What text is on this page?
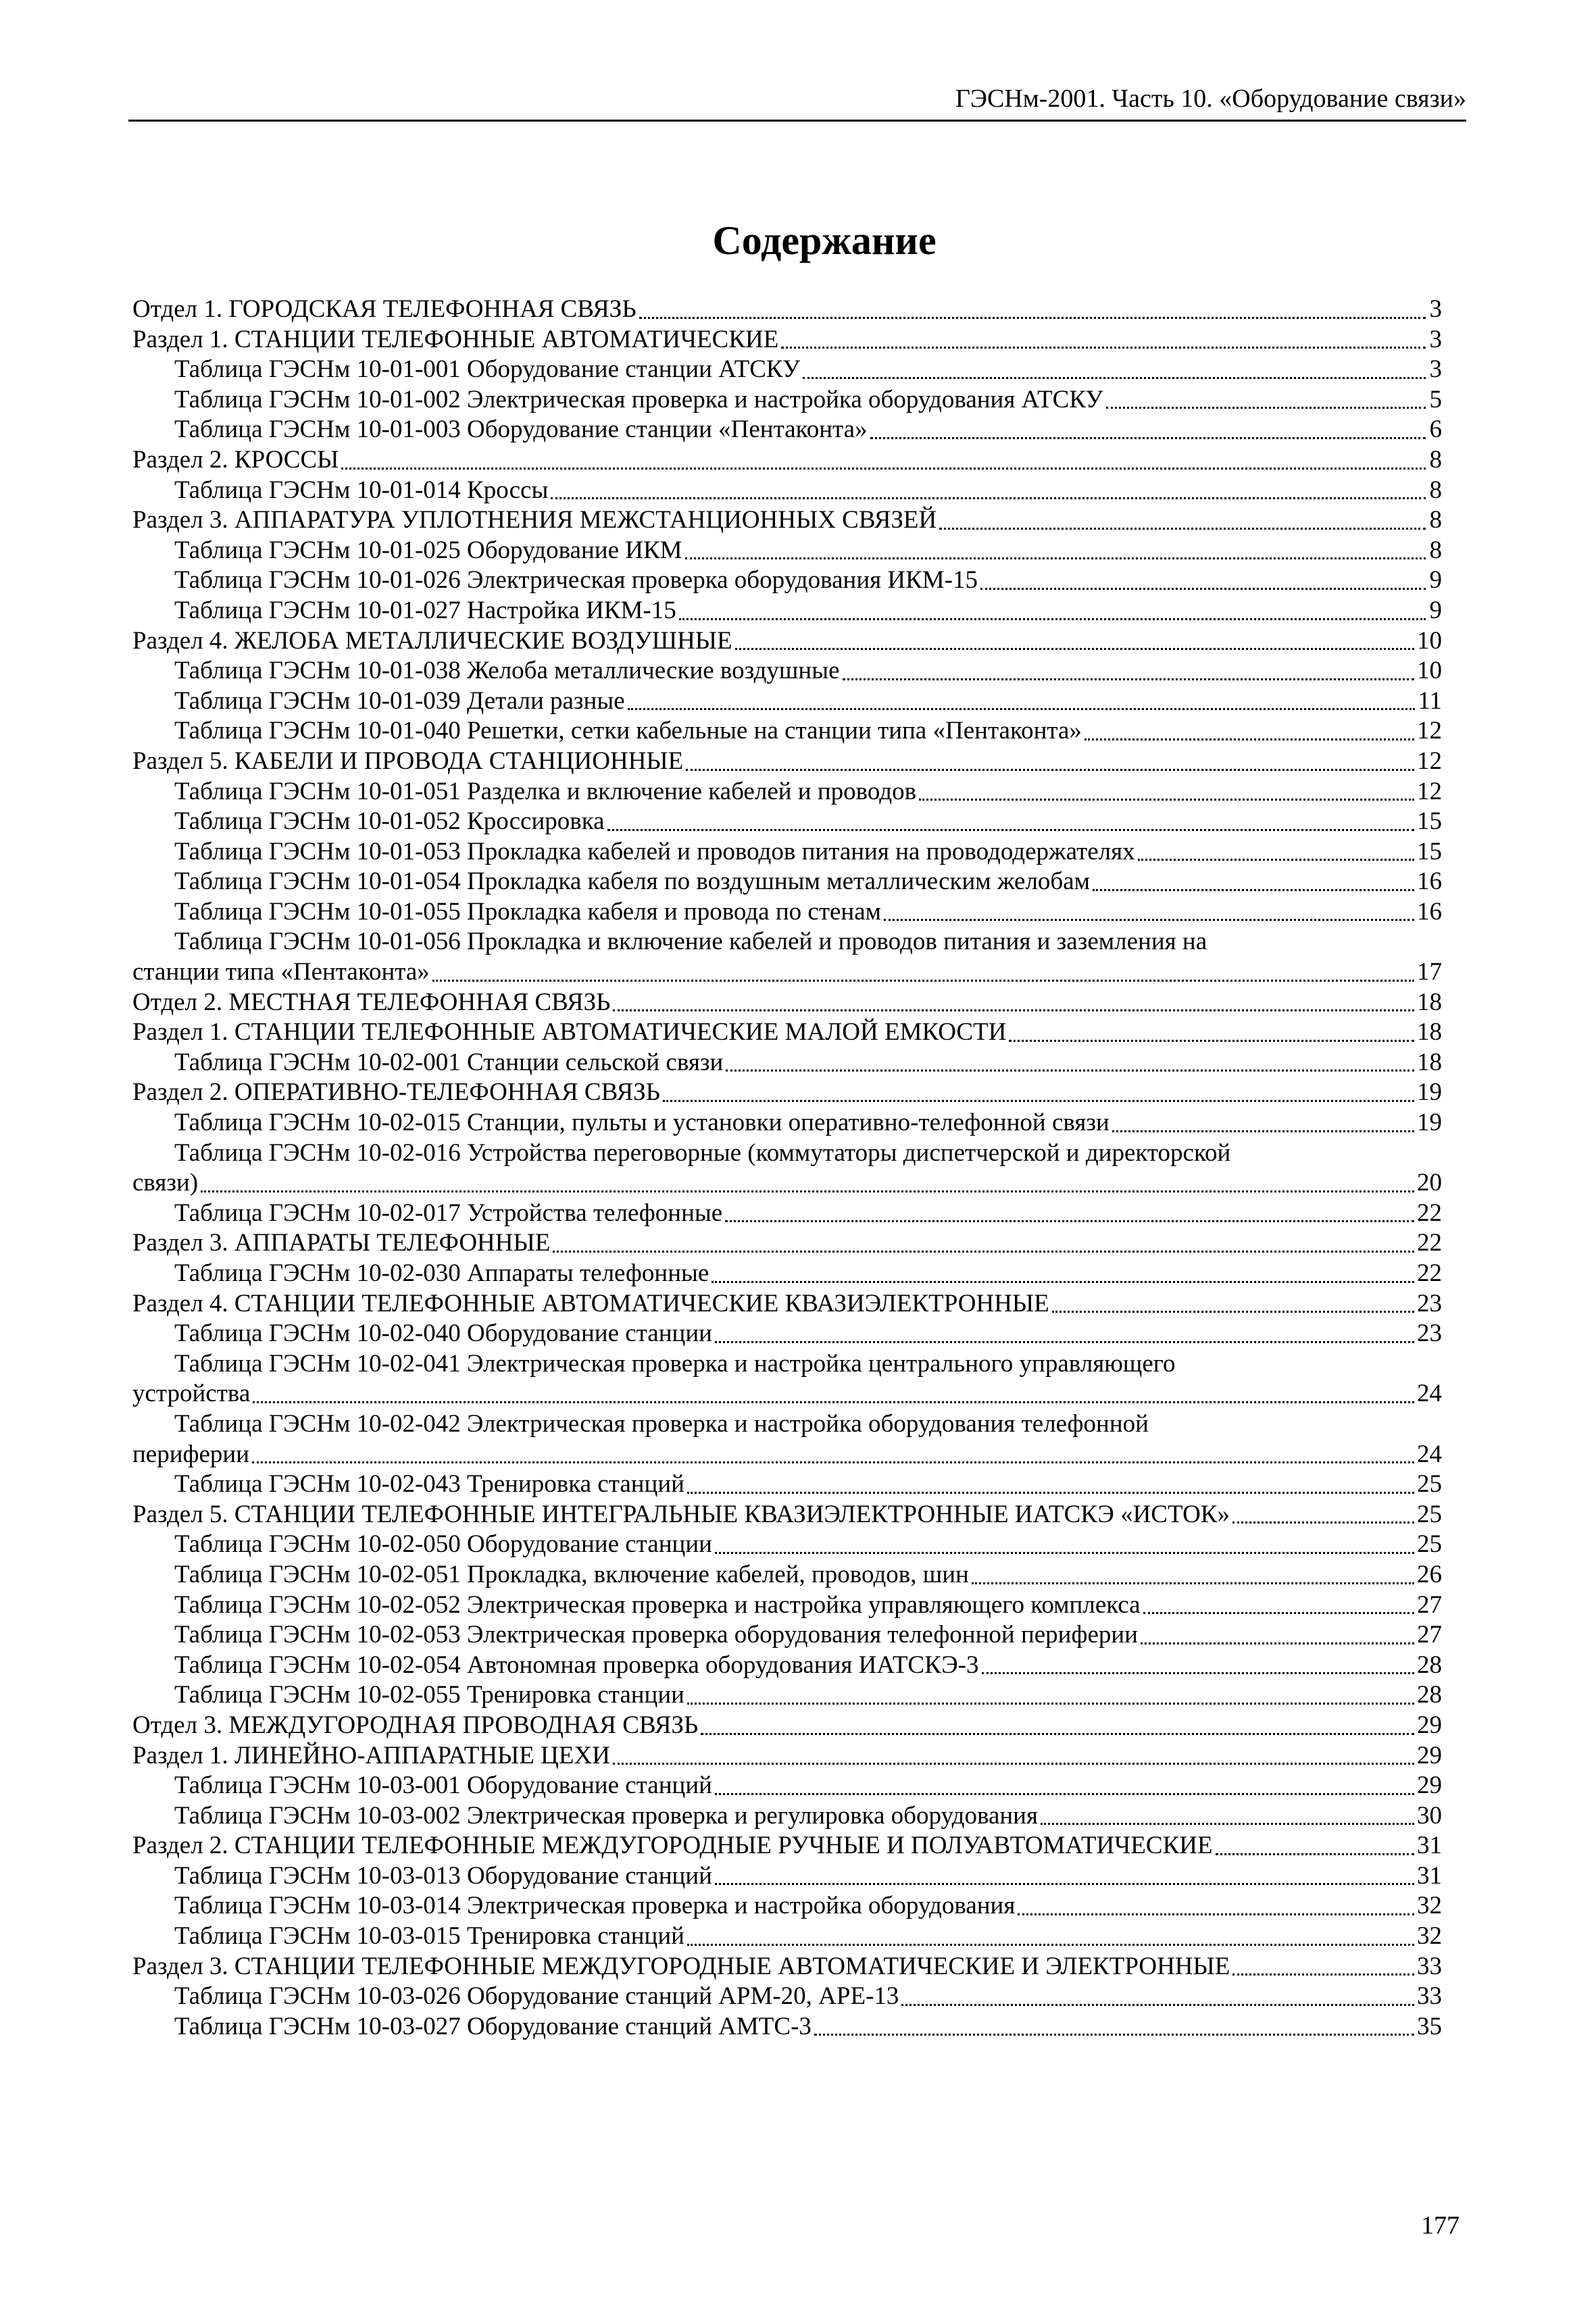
ГЭСНм-2001. Часть 10. «Оборудование связи»
Содержание
Отдел 1. ГОРОДСКАЯ ТЕЛЕФОННАЯ СВЯЗЬ	3
Раздел 1. СТАНЦИИ ТЕЛЕФОННЫЕ АВТОМАТИЧЕСКИЕ	3
Таблица ГЭСНм 10-01-001 Оборудование станции АТСКУ	3
Таблица ГЭСНм 10-01-002 Электрическая проверка и настройка оборудования АТСКУ	5
Таблица ГЭСНм 10-01-003 Оборудование станции «Пентаконта»	6
Раздел 2. КРОССЫ	8
Таблица ГЭСНм 10-01-014 Кроссы	8
Раздел 3. АППАРАТУРА УПЛОТНЕНИЯ МЕЖСТАНЦИОННЫХ СВЯЗЕЙ	8
Таблица ГЭСНм 10-01-025 Оборудование ИКМ	8
Таблица ГЭСНм 10-01-026 Электрическая проверка оборудования ИКМ-15	9
Таблица ГЭСНм 10-01-027 Настройка ИКМ-15	9
Раздел 4. ЖЕЛОБА МЕТАЛЛИЧЕСКИЕ ВОЗДУШНЫЕ	10
Таблица ГЭСНм 10-01-038 Желоба металлические воздушные	10
Таблица ГЭСНм 10-01-039 Детали разные	11
Таблица ГЭСНм 10-01-040 Решетки, сетки кабельные на станции типа «Пентаконта»	12
Раздел 5. КАБЕЛИ И ПРОВОДА СТАНЦИОННЫЕ	12
Таблица ГЭСНм 10-01-051 Разделка и включение кабелей и проводов	12
Таблица ГЭСНм 10-01-052 Кроссировка	15
Таблица ГЭСНм 10-01-053 Прокладка кабелей и проводов питания на провододержателях	15
Таблица ГЭСНм 10-01-054 Прокладка кабеля по воздушным металлическим желобам	16
Таблица ГЭСНм 10-01-055 Прокладка кабеля и провода по стенам	16
Таблица ГЭСНм 10-01-056 Прокладка и включение кабелей и проводов питания и заземления на
станции типа «Пентаконта»	17
Отдел 2. МЕСТНАЯ ТЕЛЕФОННАЯ СВЯЗЬ	18
Раздел 1. СТАНЦИИ ТЕЛЕФОННЫЕ АВТОМАТИЧЕСКИЕ МАЛОЙ ЕМКОСТИ	18
Таблица ГЭСНм 10-02-001 Станции сельской связи	18
Раздел 2. ОПЕРАТИВНО-ТЕЛЕФОННАЯ СВЯЗЬ	19
Таблица ГЭСНм 10-02-015 Станции, пульты и установки оперативно-телефонной связи	19
Таблица ГЭСНм 10-02-016 Устройства переговорные (коммутаторы диспетчерской и директорской
связи)	20
Таблица ГЭСНм 10-02-017 Устройства телефонные	22
Раздел 3. АППАРАТЫ ТЕЛЕФОННЫЕ	22
Таблица ГЭСНм 10-02-030 Аппараты телефонные	22
Раздел 4. СТАНЦИИ ТЕЛЕФОННЫЕ АВТОМАТИЧЕСКИЕ КВАЗИЭЛЕКТРОННЫЕ	23
Таблица ГЭСНм 10-02-040 Оборудование станции	23
Таблица ГЭСНм 10-02-041 Электрическая проверка и настройка центрального управляющего
устройства	24
Таблица ГЭСНм 10-02-042 Электрическая проверка и настройка оборудования телефонной
периферии	24
Таблица ГЭСНм 10-02-043 Тренировка станций	25
Раздел 5. СТАНЦИИ ТЕЛЕФОННЫЕ ИНТЕГРАЛЬНЫЕ КВАЗИЭЛЕКТРОННЫЕ ИАТСКЭ «ИСТОК»	25
Таблица ГЭСНм 10-02-050 Оборудование станции	25
Таблица ГЭСНм 10-02-051 Прокладка, включение кабелей, проводов, шин	26
Таблица ГЭСНм 10-02-052 Электрическая проверка и настройка управляющего комплекса	27
Таблица ГЭСНм 10-02-053 Электрическая проверка оборудования телефонной периферии	27
Таблица ГЭСНм 10-02-054 Автономная проверка оборудования ИАТСКЭ-3	28
Таблица ГЭСНм 10-02-055 Тренировка станции	28
Отдел 3. МЕЖДУГОРОДНАЯ ПРОВОДНАЯ СВЯЗЬ	29
Раздел 1. ЛИНЕЙНО-АППАРАТНЫЕ ЦЕХИ	29
Таблица ГЭСНм 10-03-001 Оборудование станций	29
Таблица ГЭСНм 10-03-002 Электрическая проверка и регулировка оборудования	30
Раздел 2. СТАНЦИИ ТЕЛЕФОННЫЕ МЕЖДУГОРОДНЫЕ РУЧНЫЕ И ПОЛУАВТОМАТИЧЕСКИЕ	31
Таблица ГЭСНм 10-03-013 Оборудование станций	31
Таблица ГЭСНм 10-03-014 Электрическая проверка и настройка оборудования	32
Таблица ГЭСНм 10-03-015 Тренировка станций	32
Раздел 3. СТАНЦИИ ТЕЛЕФОННЫЕ МЕЖДУГОРОДНЫЕ АВТОМАТИЧЕСКИЕ И ЭЛЕКТРОННЫЕ	33
Таблица ГЭСНм 10-03-026 Оборудование станций АРМ-20, АРЕ-13	33
Таблица ГЭСНм 10-03-027 Оборудование станций АМТС-3	35
177
